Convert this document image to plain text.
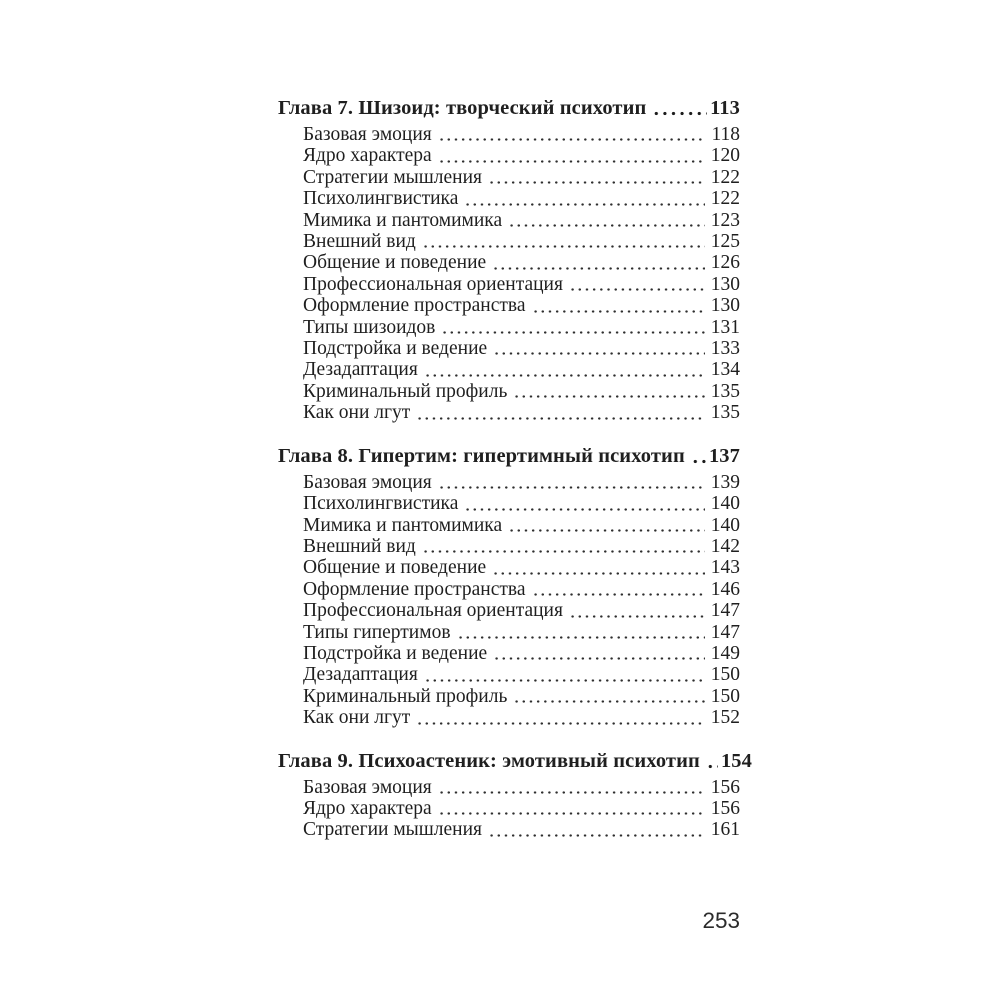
Глава 7. Шизоид: творческий психотип	113
Базовая эмоция	118
Ядро характера	120
Стратегии мышления	122
Психолингвистика	122
Мимика и пантомимика	123
Внешний вид	125
Общение и поведение	126
Профессиональная ориентация	130
Оформление пространства	130
Типы шизоидов	131
Подстройка и ведение	133
Дезадаптация	134
Криминальный профиль	135
Как они лгут	135
Глава 8. Гипертим: гипертимный психотип 137
Базовая эмоция	139
Психолингвистика	140
Мимика и пантомимика	140
Внешний вид	142
Общение и поведение	143
Оформление пространства	146
Профессиональная ориентация	147
Типы гипертимов	147
Подстройка и ведение	149
Дезадаптация	150
Криминальный профиль	150
Как они лгут	152
Глава 9. Психоастеник: эмотивный психотип 154
Базовая эмоция	156
Ядро характера	156
Стратегии мышления	161
253
